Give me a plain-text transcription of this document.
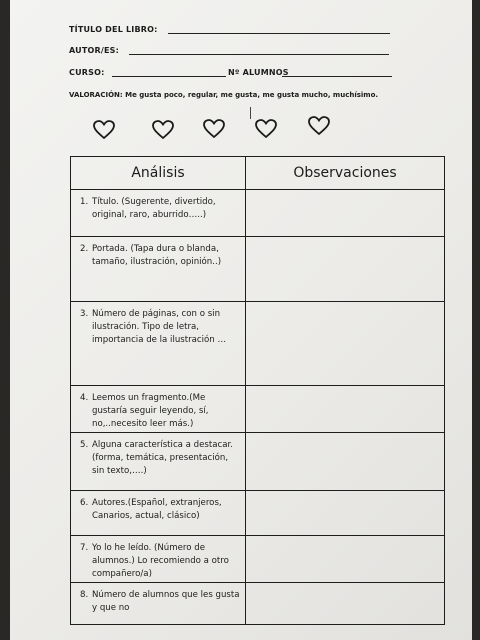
TÍTULO DEL LIBRO:
AUTOR/ES:
CURSO:	Nº ALUMNOS
VALORACIÓN: Me gusta poco, regular, me gusta, me gusta mucho, muchísimo.
Análisis	Observaciones

1. Título. (Sugerente, divertido, original, raro, aburrido…..)	

2. Portada. (Tapa dura o blanda, tamaño, ilustración, opinión..)	

3. Número de páginas, con o sin ilustración. Tipo de letra, importancia de la ilustración …	

4. Leemos un fragmento.(Me gustaría seguir leyendo, sí, no,..necesito leer más.)	

5. Alguna característica a destacar. (forma, temática, presentación, sin texto,….)	

6. Autores.(Español, extranjeros, Canarios, actual, clásico)	

7. Yo lo he leído. (Número de alumnos.) Lo recomiendo a otro compañero/a)	

8. Número de alumnos que les gusta y que no	
